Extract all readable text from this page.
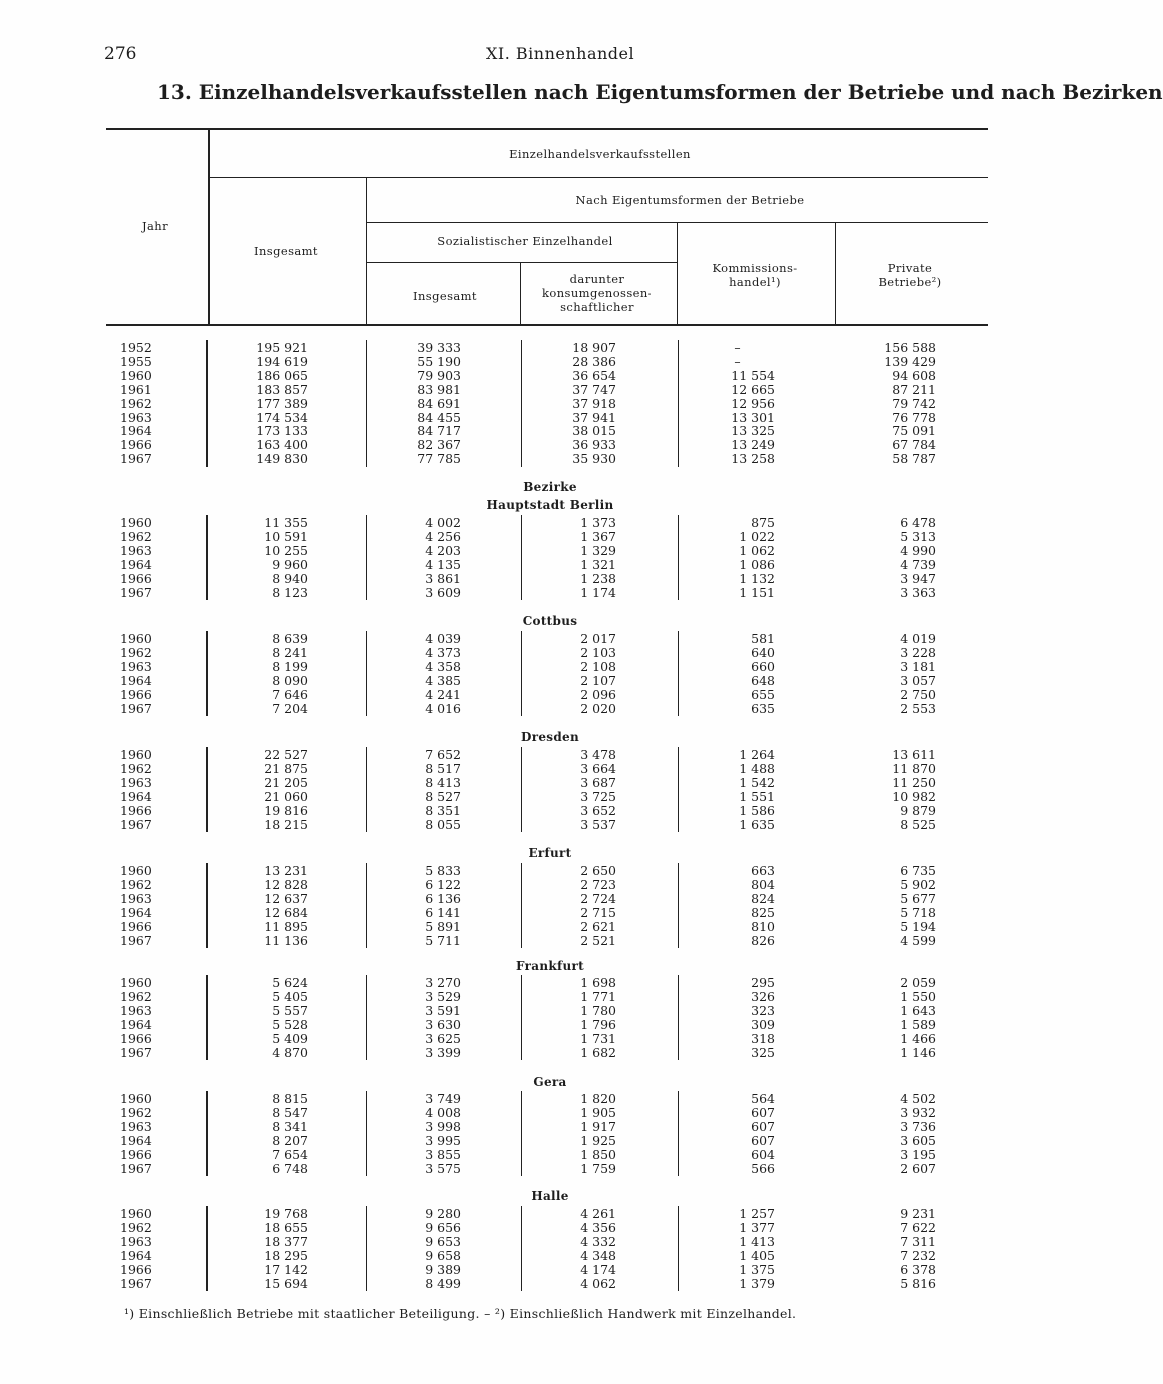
276	XI. Binnenhandel
13. Einzelhandelsverkaufsstellen nach Eigentumsformen der Betriebe und nach Bezirken
Jahr
Einzelhandelsverkaufsstellen
Insgesamt
Nach Eigentumsformen der Betriebe
Sozialistischer Einzelhandel
Insgesamt
darunter
konsumgenossen-
schaftlicher
Kommissions-
handel¹)
Private
Betriebe²)
Bezirke
1952	195 921	39 333	18 907	–	156 588
1955	194 619	55 190	28 386	–	139 429
1960	186 065	79 903	36 654	11 554	94 608
1961	183 857	83 981	37 747	12 665	87 211
1962	177 389	84 691	37 918	12 956	79 742
1963	174 534	84 455	37 941	13 301	76 778
1964	173 133	84 717	38 015	13 325	75 091
1966	163 400	82 367	36 933	13 249	67 784
1967	149 830	77 785	35 930	13 258	58 787
Hauptstadt Berlin
1960	11 355	4 002	1 373	875	6 478
1962	10 591	4 256	1 367	1 022	5 313
1963	10 255	4 203	1 329	1 062	4 990
1964	9 960	4 135	1 321	1 086	4 739
1966	8 940	3 861	1 238	1 132	3 947
1967	8 123	3 609	1 174	1 151	3 363
Cottbus
1960	8 639	4 039	2 017	581	4 019
1962	8 241	4 373	2 103	640	3 228
1963	8 199	4 358	2 108	660	3 181
1964	8 090	4 385	2 107	648	3 057
1966	7 646	4 241	2 096	655	2 750
1967	7 204	4 016	2 020	635	2 553
Dresden
1960	22 527	7 652	3 478	1 264	13 611
1962	21 875	8 517	3 664	1 488	11 870
1963	21 205	8 413	3 687	1 542	11 250
1964	21 060	8 527	3 725	1 551	10 982
1966	19 816	8 351	3 652	1 586	9 879
1967	18 215	8 055	3 537	1 635	8 525
Erfurt
1960	13 231	5 833	2 650	663	6 735
1962	12 828	6 122	2 723	804	5 902
1963	12 637	6 136	2 724	824	5 677
1964	12 684	6 141	2 715	825	5 718
1966	11 895	5 891	2 621	810	5 194
1967	11 136	5 711	2 521	826	4 599
Frankfurt
1960	5 624	3 270	1 698	295	2 059
1962	5 405	3 529	1 771	326	1 550
1963	5 557	3 591	1 780	323	1 643
1964	5 528	3 630	1 796	309	1 589
1966	5 409	3 625	1 731	318	1 466
1967	4 870	3 399	1 682	325	1 146
Gera
1960	8 815	3 749	1 820	564	4 502
1962	8 547	4 008	1 905	607	3 932
1963	8 341	3 998	1 917	607	3 736
1964	8 207	3 995	1 925	607	3 605
1966	7 654	3 855	1 850	604	3 195
1967	6 748	3 575	1 759	566	2 607
Halle
1960	19 768	9 280	4 261	1 257	9 231
1962	18 655	9 656	4 356	1 377	7 622
1963	18 377	9 653	4 332	1 413	7 311
1964	18 295	9 658	4 348	1 405	7 232
1966	17 142	9 389	4 174	1 375	6 378
1967	15 694	8 499	4 062	1 379	5 816
¹) Einschließlich Betriebe mit staatlicher Beteiligung. – ²) Einschließlich Handwerk mit Einzelhandel.
